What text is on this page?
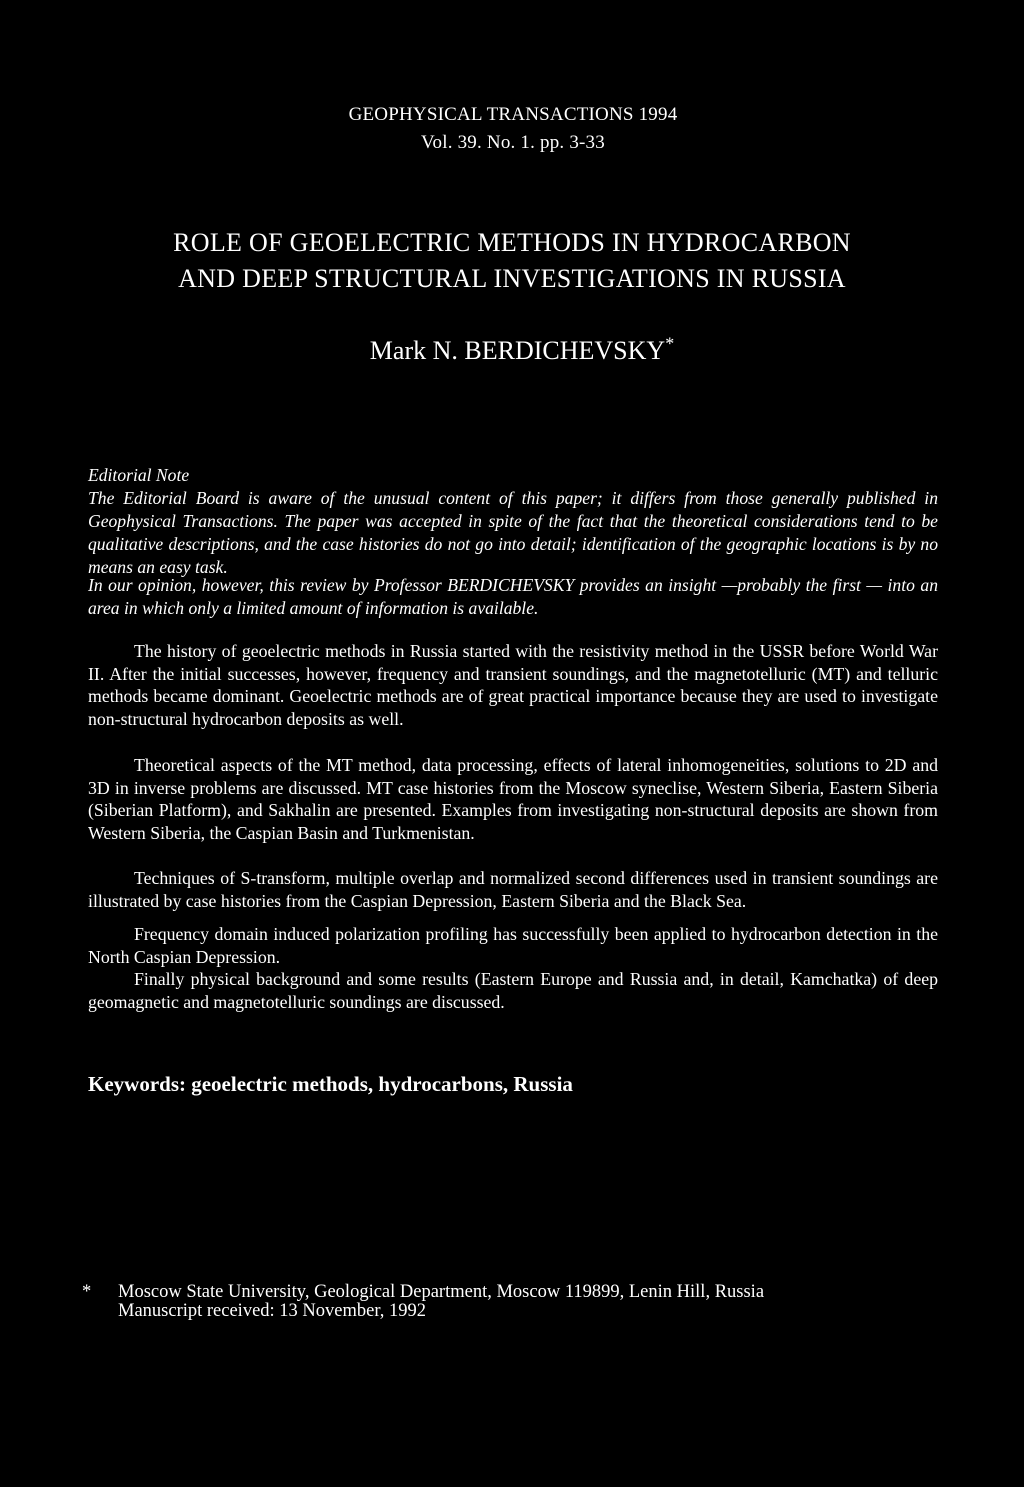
GEOPHYSICAL TRANSACTIONS 1994
Vol. 39. No. 1. pp. 3-33
ROLE OF GEOELECTRIC METHODS IN HYDROCARBON
AND DEEP STRUCTURAL INVESTIGATIONS IN RUSSIA
Mark N. BERDICHEVSKY*
Editorial Note
The Editorial Board is aware of the unusual content of this paper; it differs from those generally published in Geophysical Transactions. The paper was accepted in spite of the fact that the theoretical considerations tend to be qualitative descriptions, and the case histories do not go into detail; identification of the geographic locations is by no means an easy task.
In our opinion, however, this review by Professor BERDICHEVSKY provides an insight —probably the first — into an area in which only a limited amount of information is available.

The history of geoelectric methods in Russia started with the resistivity method in the USSR before World War II. After the initial successes, however, frequency and transient soundings, and the magnetotelluric (MT) and telluric methods became dominant. Geoelectric methods are of great practical importance because they are used to investigate non-structural hydrocarbon deposits as well.

Theoretical aspects of the MT method, data processing, effects of lateral inhomogeneities, solutions to 2D and 3D in inverse problems are discussed. MT case histories from the Moscow syneclise, Western Siberia, Eastern Siberia (Siberian Platform), and Sakhalin are presented. Examples from investigating non-structural deposits are shown from Western Siberia, the Caspian Basin and Turkmenistan.

Techniques of S-transform, multiple overlap and normalized second differences used in transient soundings are illustrated by case histories from the Caspian Depression, Eastern Siberia and the Black Sea.

Frequency domain induced polarization profiling has successfully been applied to hydrocarbon detection in the North Caspian Depression.

Finally physical background and some results (Eastern Europe and Russia and, in detail, Kamchatka) of deep geomagnetic and magnetotelluric soundings are discussed.

Keywords: geoelectric methods, hydrocarbons, Russia
*	Moscow State University, Geological Department, Moscow 119899, Lenin Hill, Russia
Manuscript received: 13 November, 1992
